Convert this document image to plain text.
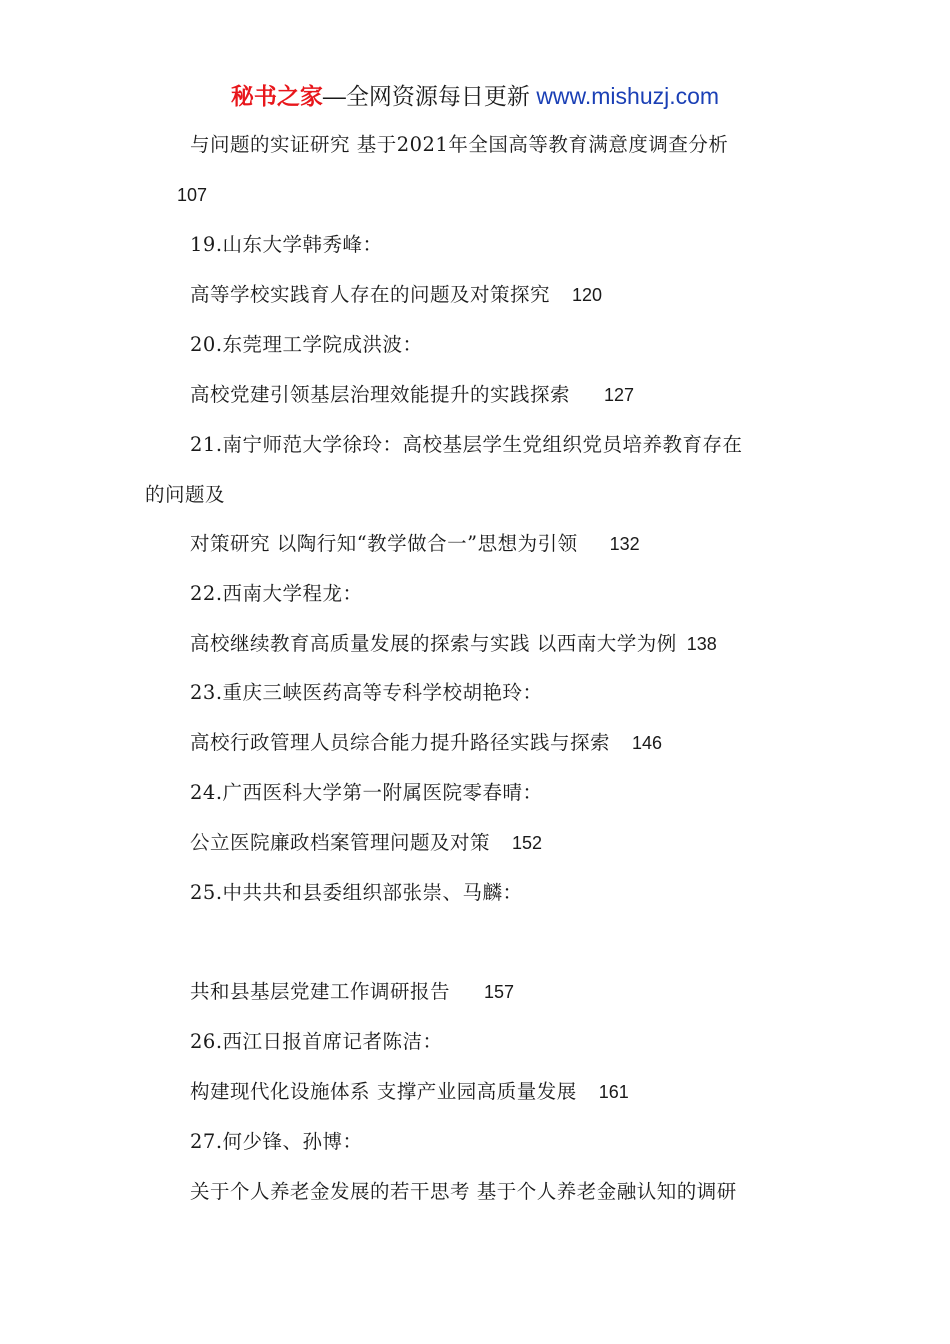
秘书之家—全网资源每日更新 www.mishuzj.com
与问题的实证研究 基于2021年全国高等教育满意度调查分析
107
19.山东大学韩秀峰：
高等学校实践育人存在的问题及对策探究 120
20.东莞理工学院成洪波：
高校党建引领基层治理效能提升的实践探索 127
21.南宁师范大学徐玲：高校基层学生党组织党员培养教育存在
的问题及
对策研究 以陶行知“教学做合一”思想为引领 132
22.西南大学程龙：
高校继续教育高质量发展的探索与实践 以西南大学为例 138
23.重庆三峡医药高等专科学校胡艳玲：
高校行政管理人员综合能力提升路径实践与探索 146
24.广西医科大学第一附属医院零春晴：
公立医院廉政档案管理问题及对策 152
25.中共共和县委组织部张崇、马麟：
共和县基层党建工作调研报告 157
26.西江日报首席记者陈洁：
构建现代化设施体系 支撑产业园高质量发展 161
27.何少锋、孙博：
关于个人养老金发展的若干思考 基于个人养老金融认知的调研
